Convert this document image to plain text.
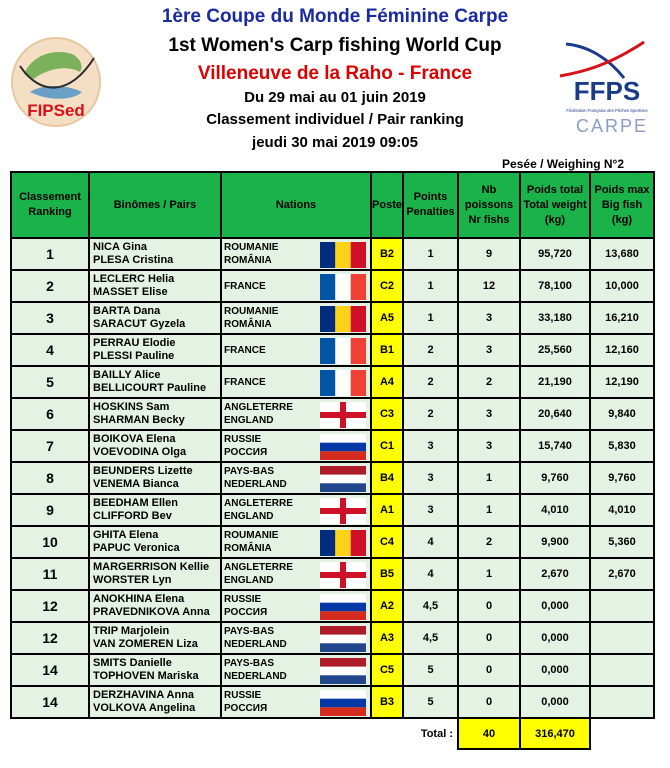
1ère Coupe du Monde Féminine Carpe
1st Women's Carp fishing World Cup
Villeneuve de la Raho - France
Du 29 mai au 01 juin 2019
Classement individuel / Pair ranking
jeudi 30 mai 2019 09:05
Pesée / Weighing N°2
FIPSed
FFPS
Fédération Française des Pêches Sportives
CARPE
Classement
Ranking	Binômes / Pairs	Nations	Poste	Points
Penalties	Nb
poissons
Nr fishs	Poids total
Total weight
(kg)	Poids max
Big fish
(kg)
1	NICA Gina
PLESA Cristina	ROUMANIE
ROMÂNIA	B2	1	9	95,720	13,680
2	LECLERC Helia
MASSET Elise	FRANCE	C2	1	12	78,100	10,000
3	BARTA Dana
SARACUT Gyzela	ROUMANIE
ROMÂNIA	A5	1	3	33,180	16,210
4	PERRAU Elodie
PLESSI Pauline	FRANCE	B1	2	3	25,560	12,160
5	BAILLY Alice
BELLICOURT Pauline	FRANCE	A4	2	2	21,190	12,190
6	HOSKINS Sam
SHARMAN Becky	ANGLETERRE
ENGLAND	C3	2	3	20,640	9,840
7	BOIKOVA Elena
VOEVODINA Olga	RUSSIE
РОССИЯ	C1	3	3	15,740	5,830
8	BEUNDERS Lizette
VENEMA Bianca	PAYS-BAS
NEDERLAND	B4	3	1	9,760	9,760
9	BEEDHAM Ellen
CLIFFORD Bev	ANGLETERRE
ENGLAND	A1	3	1	4,010	4,010
10	GHITA Elena
PAPUC Veronica	ROUMANIE
ROMÂNIA	C4	4	2	9,900	5,360
11	MARGERRISON Kellie
WORSTER Lyn	ANGLETERRE
ENGLAND	B5	4	1	2,670	2,670
12	ANOKHINA Elena
PRAVEDNIKOVA Anna	RUSSIE
РОССИЯ	A2	4,5	0	0,000	
12	TRIP Marjolein
VAN ZOMEREN Liza	PAYS-BAS
NEDERLAND	A3	4,5	0	0,000	
14	SMITS Danielle
TOPHOVEN Mariska	PAYS-BAS
NEDERLAND	C5	5	0	0,000	
14	DERZHAVINA Anna
VOLKOVA Angelina	RUSSIE
РОССИЯ	B3	5	0	0,000	
				Total :	40	316,470	
